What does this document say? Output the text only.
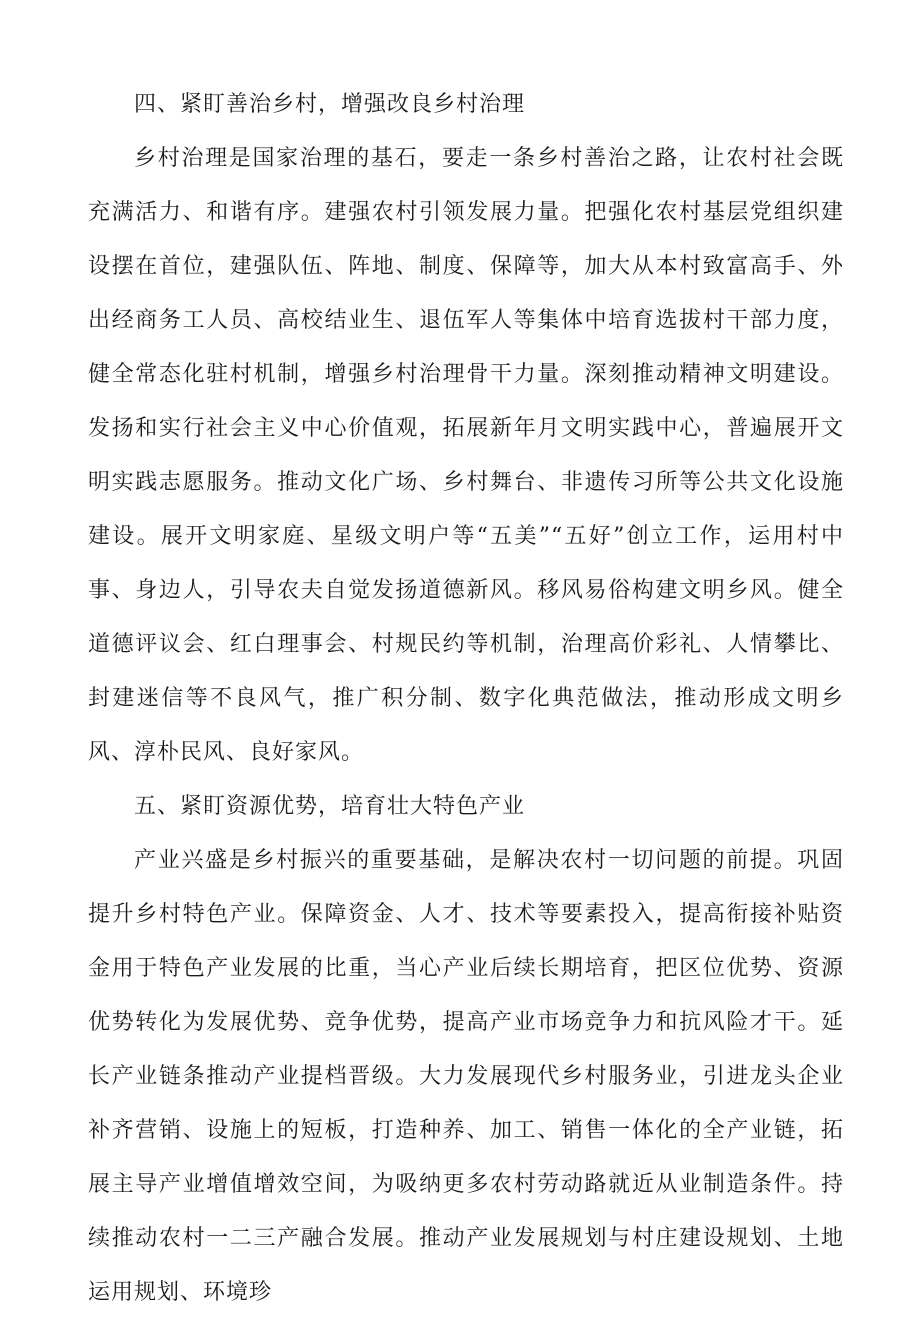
四、紧盯善治乡村，增强改良乡村治理

乡村治理是国家治理的基石，要走一条乡村善治之路，让农村社会既充满活力、和谐有序。建强农村引领发展力量。把强化农村基层党组织建设摆在首位，建强队伍、阵地、制度、保障等，加大从本村致富高手、外出经商务工人员、高校结业生、退伍军人等集体中培育选拔村干部力度，健全常态化驻村机制，增强乡村治理骨干力量。深刻推动精神文明建设。发扬和实行社会主义中心价值观，拓展新年月文明实践中心，普遍展开文明实践志愿服务。推动文化广场、乡村舞台、非遗传习所等公共文化设施建设。展开文明家庭、星级文明户等“五美”“五好”创立工作，运用村中事、身边人，引导农夫自觉发扬道德新风。移风易俗构建文明乡风。健全道德评议会、红白理事会、村规民约等机制，治理高价彩礼、人情攀比、封建迷信等不良风气，推广积分制、数字化典范做法，推动形成文明乡风、淳朴民风、良好家风。

五、紧盯资源优势，培育壮大特色产业

产业兴盛是乡村振兴的重要基础，是解决农村一切问题的前提。巩固提升乡村特色产业。保障资金、人才、技术等要素投入，提高衔接补贴资金用于特色产业发展的比重，当心产业后续长期培育，把区位优势、资源优势转化为发展优势、竞争优势，提高产业市场竞争力和抗风险才干。延长产业链条推动产业提档晋级。大力发展现代乡村服务业，引进龙头企业补齐营销、设施上的短板，打造种养、加工、销售一体化的全产业链，拓展主导产业增值增效空间，为吸纳更多农村劳动路就近从业制造条件。持续推动农村一二三产融合发展。推动产业发展规划与村庄建设规划、土地运用规划、环境珍
